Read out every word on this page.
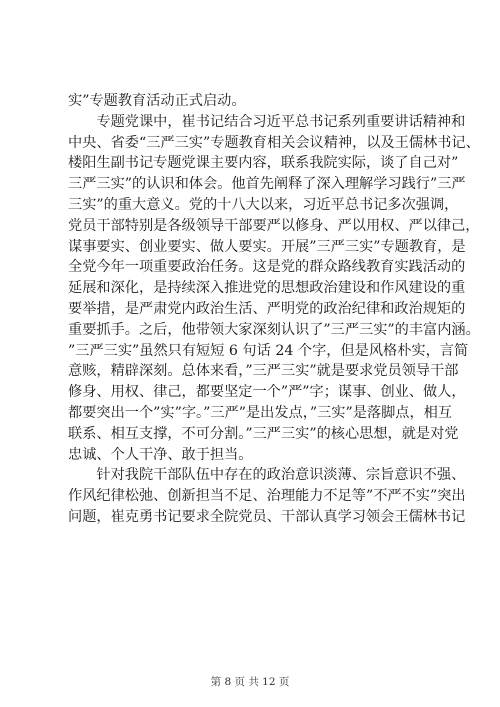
实”专题教育活动正式启动。
　　专题党课中，崔书记结合习近平总书记系列重要讲话精神和
中央、省委“三严三实”专题教育相关会议精神，以及王儒林书记、
楼阳生副书记专题党课主要内容，联系我院实际，谈了自己对”
三严三实”的认识和体会。他首先阐释了深入理解学习践行”三严
三实”的重大意义。党的十八大以来，习近平总书记多次强调，
党员干部特别是各级领导干部要严以修身、严以用权、严以律己，
谋事要实、创业要实、做人要实。开展”三严三实”专题教育，是
全党今年一项重要政治任务。这是党的群众路线教育实践活动的
延展和深化，是持续深入推进党的思想政治建设和作风建设的重
要举措，是严肃党内政治生活、严明党的政治纪律和政治规矩的
重要抓手。之后，他带领大家深刻认识了”三严三实”的丰富内涵。
”三严三实”虽然只有短短 6 句话 24 个字，但是风格朴实，言简
意赅，精辟深刻。总体来看，”三严三实”就是要求党员领导干部
修身、用权、律己，都要坚定一个”严”字；谋事、创业、做人，
都要突出一个”实”字。”三严”是出发点，”三实”是落脚点，相互
联系、相互支撑，不可分割。”三严三实”的核心思想，就是对党
忠诚、个人干净、敢于担当。
　　针对我院干部队伍中存在的政治意识淡薄、宗旨意识不强、
作风纪律松弛、创新担当不足、治理能力不足等”不严不实”突出
问题，崔克勇书记要求全院党员、干部认真学习领会王儒林书记
第 8 页 共 12 页
